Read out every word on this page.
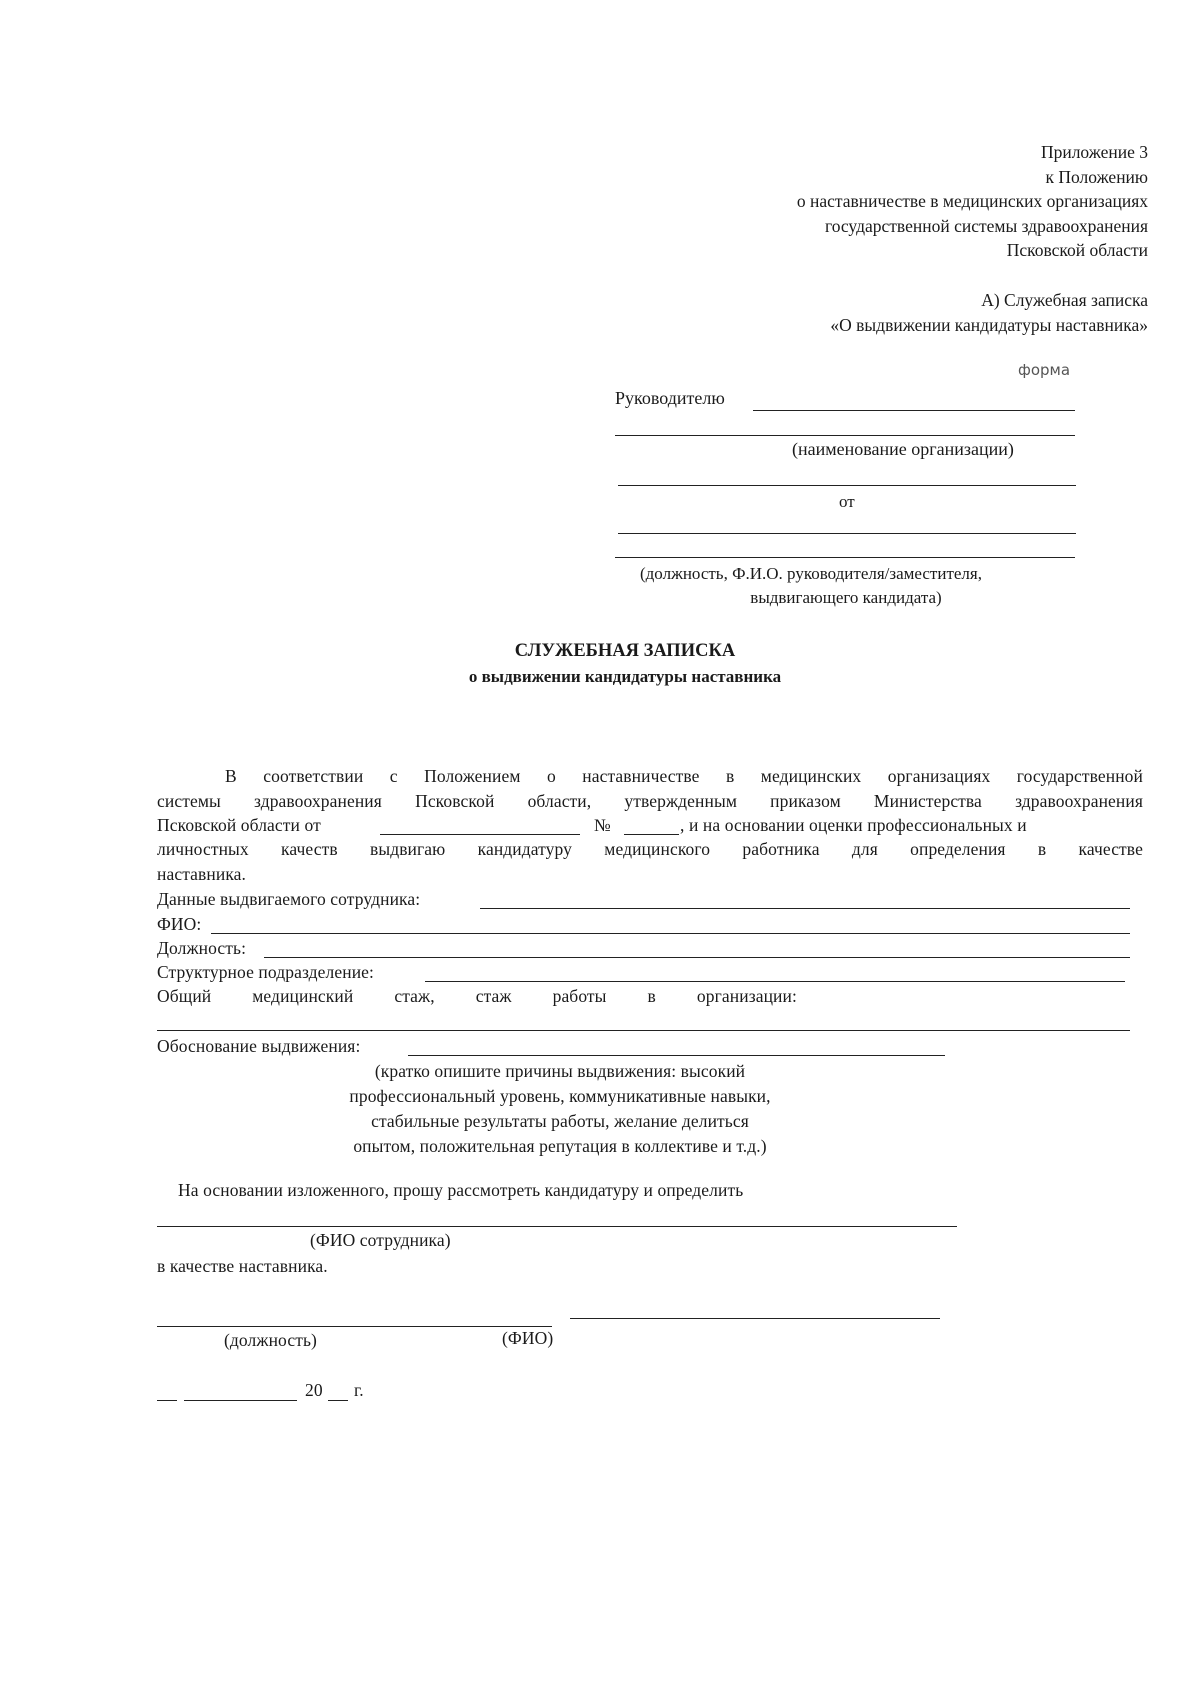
Приложение 3
к Положению
о наставничестве в медицинских организациях
государственной системы здравоохранения
Псковской области
А) Служебная записка
«О выдвижении кандидатуры наставника»
форма
Руководителю
(наименование организации)
от
(должность, Ф.И.О. руководителя/заместителя,
выдвигающего кандидата)
СЛУЖЕБНАЯ ЗАПИСКА
о выдвижении кандидатуры наставника
В соответствии с Положением о наставничестве в медицинских организациях государственной
системы здравоохранения Псковской области, утвержденным приказом Министерства здравоохранения
Псковской области от	№	, и на основании оценки профессиональных и
личностных качеств выдвигаю кандидатуру медицинского работника для определения в качестве
наставника.
Данные выдвигаемого сотрудника:
ФИО:
Должность:
Структурное подразделение:
Общий медицинский стаж, стаж работы в организации:
Обоснование выдвижения:
(кратко опишите причины выдвижения: высокий
профессиональный уровень, коммуникативные навыки,
стабильные результаты работы, желание делиться
опытом, положительная репутация в коллективе и т.д.)
На основании изложенного, прошу рассмотреть кандидатуру и определить
(ФИО сотрудника)
в качестве наставника.
(должность)	(ФИО)
20 г.
